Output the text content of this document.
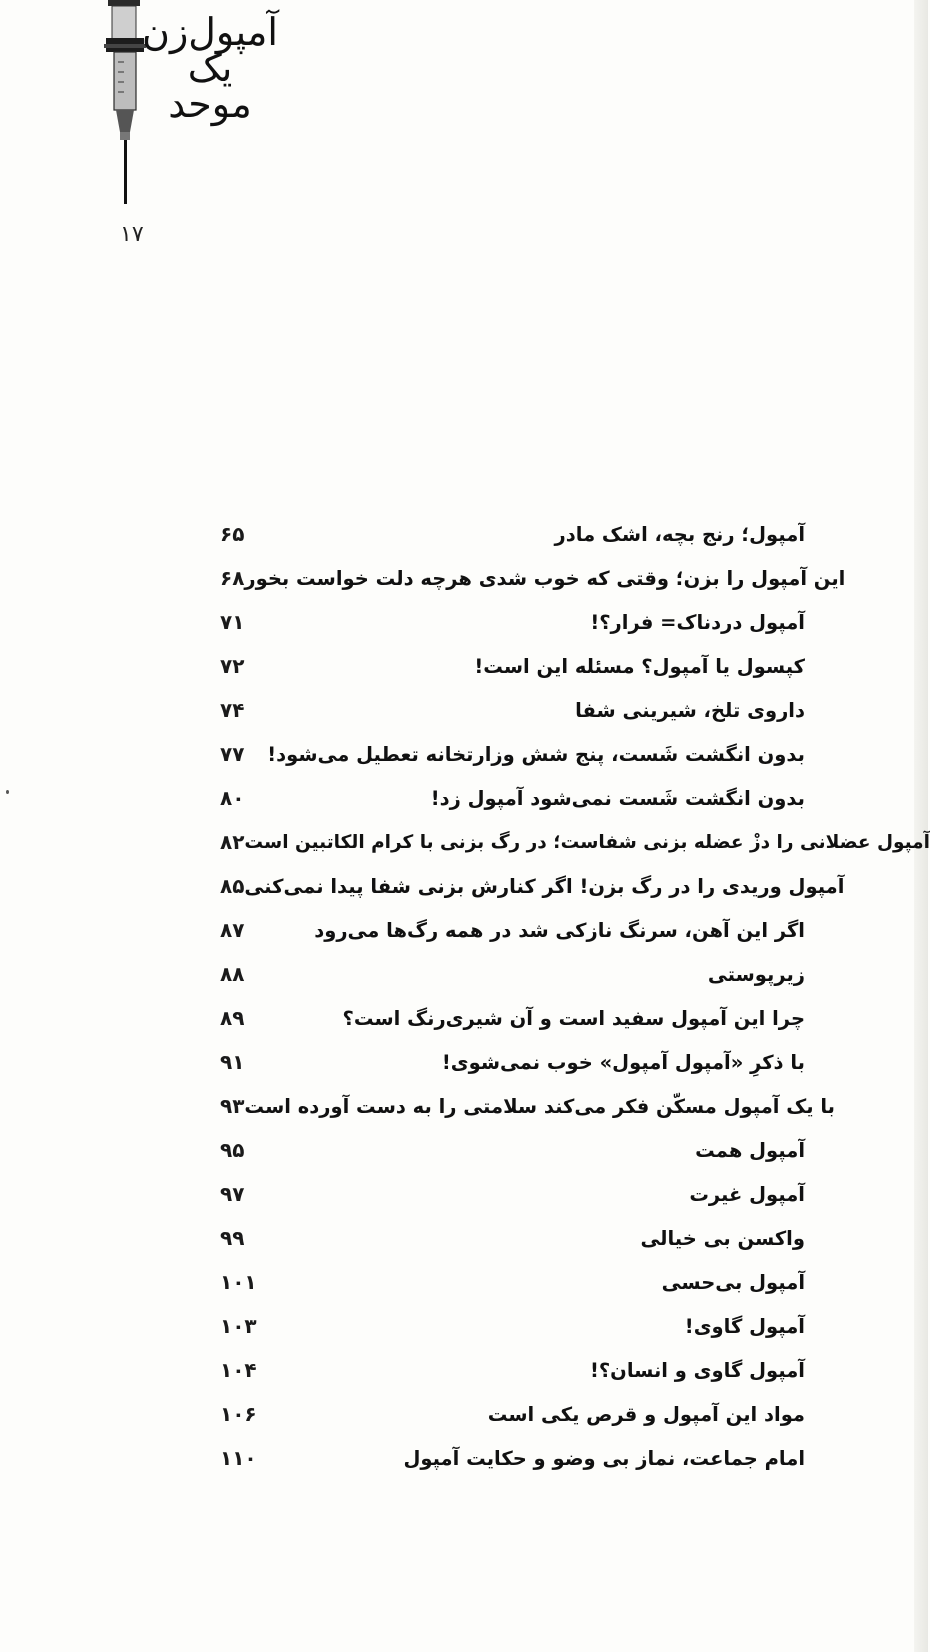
آمپول‌زن یک
موحد
۱۷
۶۵	آمپول؛ رنج بچه، اشک مادر
۶۸ این آمپول را بزن؛ وقتی که خوب شدی هرچه دلت خواست بخور
۷۱	آمپول دردناک= فرار؟!
۷۲	کپسول یا آمپول؟ مسئله این است!
۷۴	داروی تلخ، شیرینی شفا
۷۷	بدون انگشت شَست، پنج شش وزارتخانه تعطیل می‌شود!
۸۰	بدون انگشت شَست نمی‌شود آمپول زد!
۸۲ آمپول عضلانی را دزْ عضله بزنی شفاست؛ در رگ بزنی با کرام الکاتبین است
۸۵ آمپول وریدی را در رگ بزن! اگر کنارش بزنی شفا پیدا نمی‌کنی
۸۷	اگر این آهن، سرنگ نازکی شد در همه رگ‌ها می‌رود
۸۸	زیرپوستی
۸۹	چرا این آمپول سفید است و آن شیری‌رنگ است؟
۹۱	با ذکرِ «آمپول آمپول» خوب نمی‌شوی!
۹۳ با یک آمپول مسکّن فکر می‌کند سلامتی را به دست آورده است
۹۵	آمپول همت
۹۷	آمپول غیرت
۹۹	واکسن بی خیالی
۱۰۱	آمپول بی‌حسی
۱۰۳	آمپول گاوی!
۱۰۴	آمپول گاوی و انسان؟!
۱۰۶	مواد این آمپول و قرص یکی است
۱۱۰	امام جماعت، نماز بی وضو و حکایت آمپول
